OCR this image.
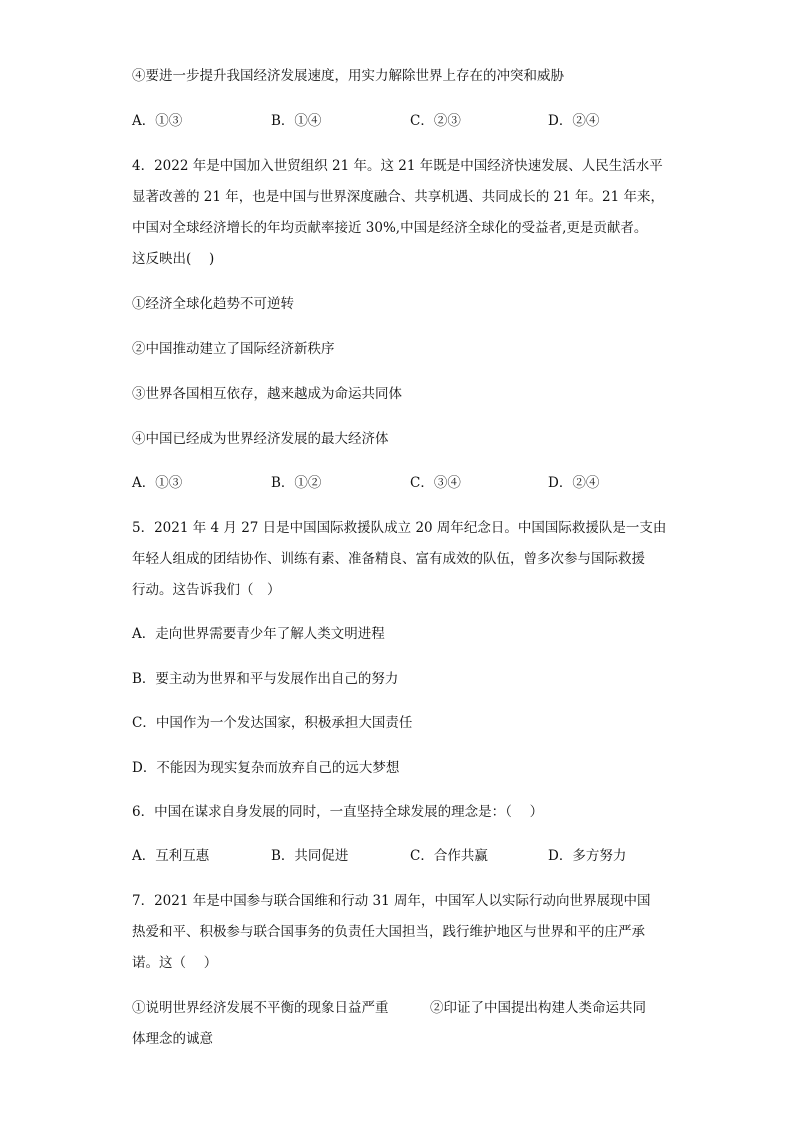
④要进一步提升我国经济发展速度，用实力解除世界上存在的冲突和威胁
A．①③	B．①④	C．②③	D．②④
4．2022 年是中国加入世贸组织 21 年。这 21 年既是中国经济快速发展、人民生活水平
显著改善的 21 年，也是中国与世界深度融合、共享机遇、共同成长的 21 年。21 年来，
中国对全球经济增长的年均贡献率接近 30%,中国是经济全球化的受益者,更是贡献者。
这反映出(　 )
①经济全球化趋势不可逆转
②中国推动建立了国际经济新秩序
③世界各国相互依存，越来越成为命运共同体
④中国已经成为世界经济发展的最大经济体
A．①③	B．①②	C．③④	D．②④
5．2021 年 4 月 27 日是中国国际救援队成立 20 周年纪念日。中国国际救援队是一支由
年轻人组成的团结协作、训练有素、准备精良、富有成效的队伍，曾多次参与国际救援
行动。这告诉我们（　）
A．走向世界需要青少年了解人类文明进程
B．要主动为世界和平与发展作出自己的努力
C．中国作为一个发达国家，积极承担大国责任
D．不能因为现实复杂而放弃自己的远大梦想
6．中国在谋求自身发展的同时，一直坚持全球发展的理念是：（　 ）
A．互利互惠	B．共同促进	C．合作共赢	D．多方努力
7．2021 年是中国参与联合国维和行动 31 周年，中国军人以实际行动向世界展现中国
热爱和平、积极参与联合国事务的负责任大国担当，践行维护地区与世界和平的庄严承
诺。这（　 ）
①说明世界经济发展不平衡的现象日益严重	②印证了中国提出构建人类命运共同
体理念的诚意
